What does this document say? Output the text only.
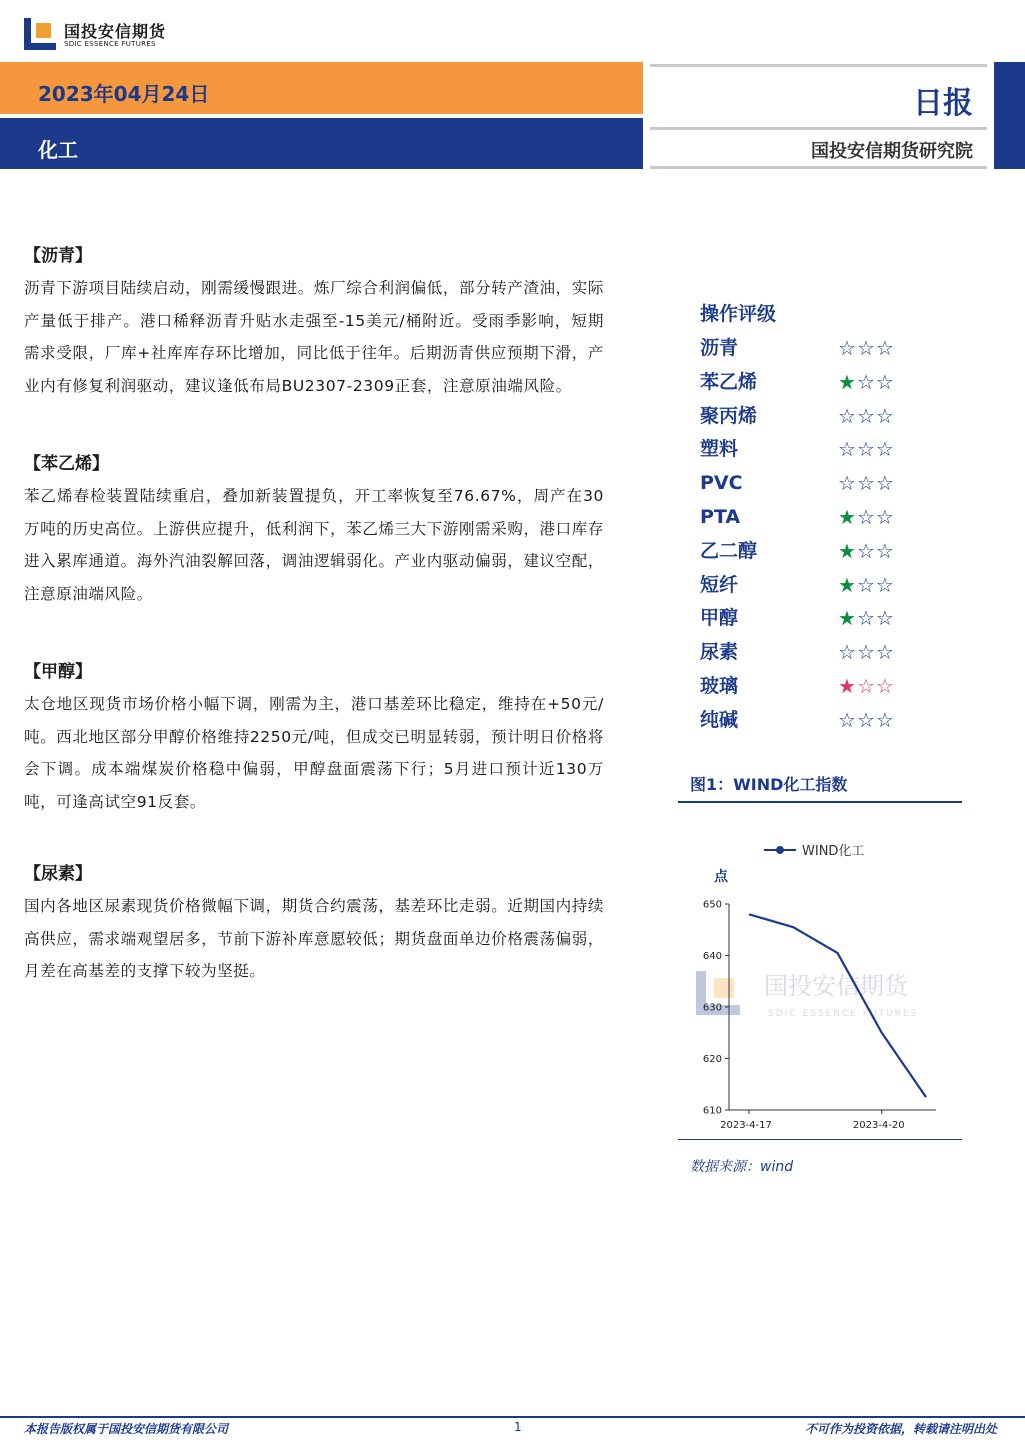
国投安信期货
SDIC ESSENCE FUTURES
2023年04月24日
化工
日报
国投安信期货研究院
【沥青】
沥青下游项目陆续启动，刚需缓慢跟进。炼厂综合利润偏低，部分转产渣油，实际产量低于排产。港口稀释沥青升贴水走强至-15美元/桶附近。受雨季影响，短期需求受限，厂库+社库库存环比增加，同比低于往年。后期沥青供应预期下滑，产业内有修复利润驱动，建议逢低布局BU2307-2309正套，注意原油端风险。
【苯乙烯】
苯乙烯春检装置陆续重启，叠加新装置提负，开工率恢复至76.67%，周产在30万吨的历史高位。上游供应提升，低利润下，苯乙烯三大下游刚需采购，港口库存进入累库通道。海外汽油裂解回落，调油逻辑弱化。产业内驱动偏弱，建议空配，注意原油端风险。
【甲醇】
太仓地区现货市场价格小幅下调，刚需为主，港口基差环比稳定，维持在+50元/吨。西北地区部分甲醇价格维持2250元/吨，但成交已明显转弱，预计明日价格将会下调。成本端煤炭价格稳中偏弱，甲醇盘面震荡下行；5月进口预计近130万吨，可逢高试空91反套。
【尿素】
国内各地区尿素现货价格微幅下调，期货合约震荡，基差环比走弱。近期国内持续高供应，需求端观望居多，节前下游补库意愿较低；期货盘面单边价格震荡偏弱，月差在高基差的支撑下较为坚挺。
操作评级
沥青	☆☆☆
苯乙烯	★☆☆
聚丙烯	☆☆☆
塑料	☆☆☆
PVC	☆☆☆
PTA	★☆☆
乙二醇	★☆☆
短纤	★☆☆
甲醇	★☆☆
尿素	☆☆☆
玻璃	★☆☆
纯碱	☆☆☆
图1：WIND化工指数
国投安信期货
SDIC ESSENCE FUTURES
WIND化工
点
610
620
630
640
650
2023-4-17	2023-4-20
数据来源：wind
本报告版权属于国投安信期货有限公司	1	不可作为投资依据，转载请注明出处
